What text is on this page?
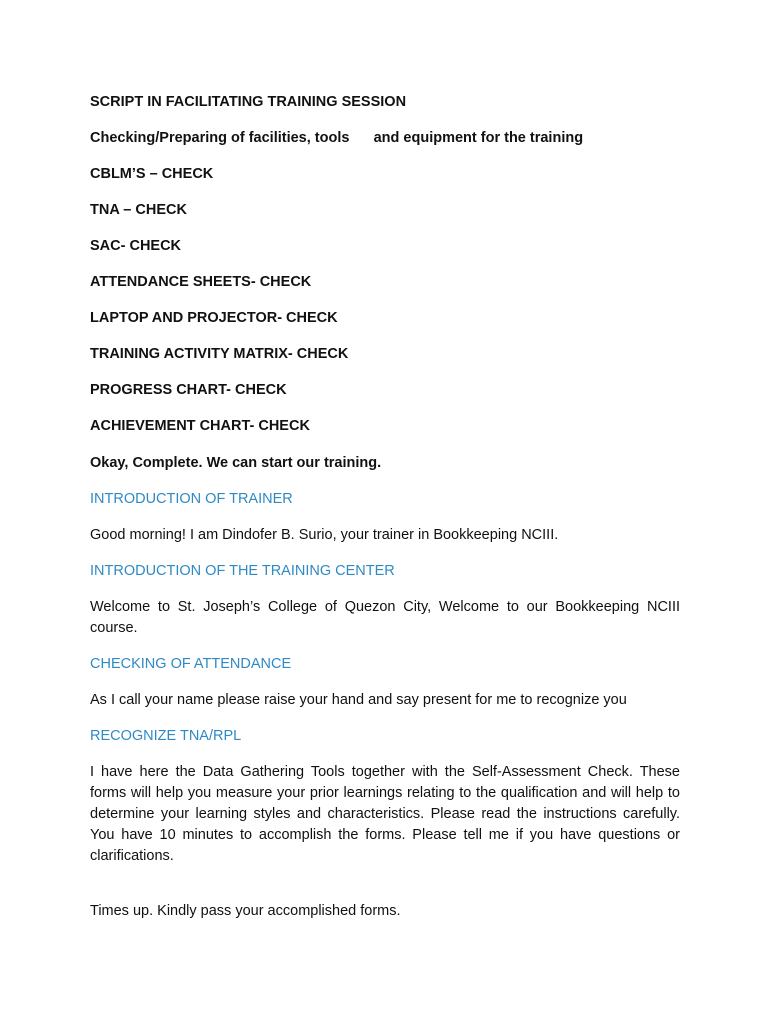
SCRIPT IN FACILITATING TRAINING SESSION

Checking/Preparing of facilities, tools      and equipment for the training

CBLM’S – CHECK

TNA – CHECK

SAC- CHECK

ATTENDANCE SHEETS- CHECK

LAPTOP AND PROJECTOR- CHECK

TRAINING ACTIVITY MATRIX- CHECK

PROGRESS CHART- CHECK

ACHIEVEMENT CHART- CHECK

Okay, Complete. We can start our training.

INTRODUCTION OF TRAINER

Good morning! I am Dindofer B. Surio, your trainer in Bookkeeping NCIII.

INTRODUCTION OF THE TRAINING CENTER

Welcome to St. Joseph’s College of Quezon City, Welcome to our Bookkeeping NCIII course.

CHECKING OF ATTENDANCE

As I call your name please raise your hand and say present for me to recognize you

RECOGNIZE TNA/RPL

I have here the Data Gathering Tools together with the Self-Assessment Check. These forms will help you measure your prior learnings relating to the qualification and will help to determine your learning styles and characteristics. Please read the instructions carefully. You have 10 minutes to accomplish the forms. Please tell me if you have questions or clarifications.

Times up. Kindly pass your accomplished forms.
